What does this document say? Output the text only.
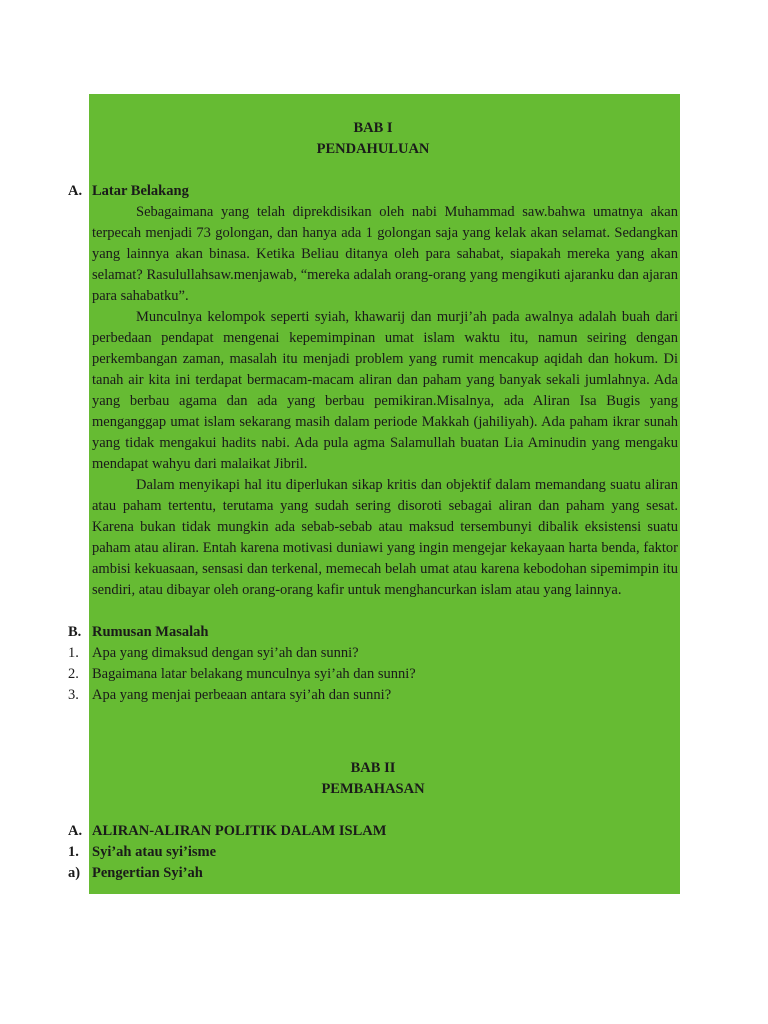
BAB I
PENDAHULUAN
A. Latar Belakang
Sebagaimana yang telah diprekdisikan oleh nabi Muhammad saw.bahwa umatnya akan terpecah menjadi 73 golongan, dan hanya ada 1 golongan saja yang kelak akan selamat. Sedangkan yang lainnya akan binasa. Ketika Beliau ditanya oleh para sahabat, siapakah mereka yang akan selamat? Rasulullahsaw.menjawab, “mereka adalah orang-orang yang mengikuti ajaranku dan ajaran para sahabatku”.
Munculnya kelompok seperti syiah, khawarij dan murji’ah pada awalnya adalah buah dari perbedaan pendapat mengenai kepemimpinan umat islam waktu itu, namun seiring dengan perkembangan zaman, masalah itu menjadi problem yang rumit mencakup aqidah dan hokum. Di tanah air kita ini terdapat bermacam-macam aliran dan paham yang banyak sekali jumlahnya. Ada yang berbau agama dan ada yang berbau pemikiran.Misalnya, ada Aliran Isa Bugis yang menganggap umat islam sekarang masih dalam periode Makkah (jahiliyah). Ada paham ikrar sunah yang tidak mengakui hadits nabi. Ada pula agma Salamullah buatan Lia Aminudin yang mengaku mendapat wahyu dari malaikat Jibril.
Dalam menyikapi hal itu diperlukan sikap kritis dan objektif dalam memandang suatu aliran atau paham tertentu, terutama yang sudah sering disoroti sebagai aliran dan paham yang sesat. Karena bukan tidak mungkin ada sebab-sebab atau maksud tersembunyi dibalik eksistensi suatu paham atau aliran. Entah karena motivasi duniawi yang ingin mengejar kekayaan harta benda, faktor ambisi kekuasaan, sensasi dan terkenal, memecah belah umat atau karena kebodohan sipemimpin itu sendiri, atau dibayar oleh orang-orang kafir untuk menghancurkan islam atau yang lainnya.
B. Rumusan Masalah
1. Apa yang dimaksud dengan syi’ah dan sunni?
2. Bagaimana latar belakang munculnya syi’ah dan sunni?
3. Apa yang menjai perbeaan antara syi’ah dan sunni?
BAB II
PEMBAHASAN
A. ALIRAN-ALIRAN POLITIK DALAM ISLAM
1. Syi’ah atau syi’isme
a) Pengertian Syi’ah
